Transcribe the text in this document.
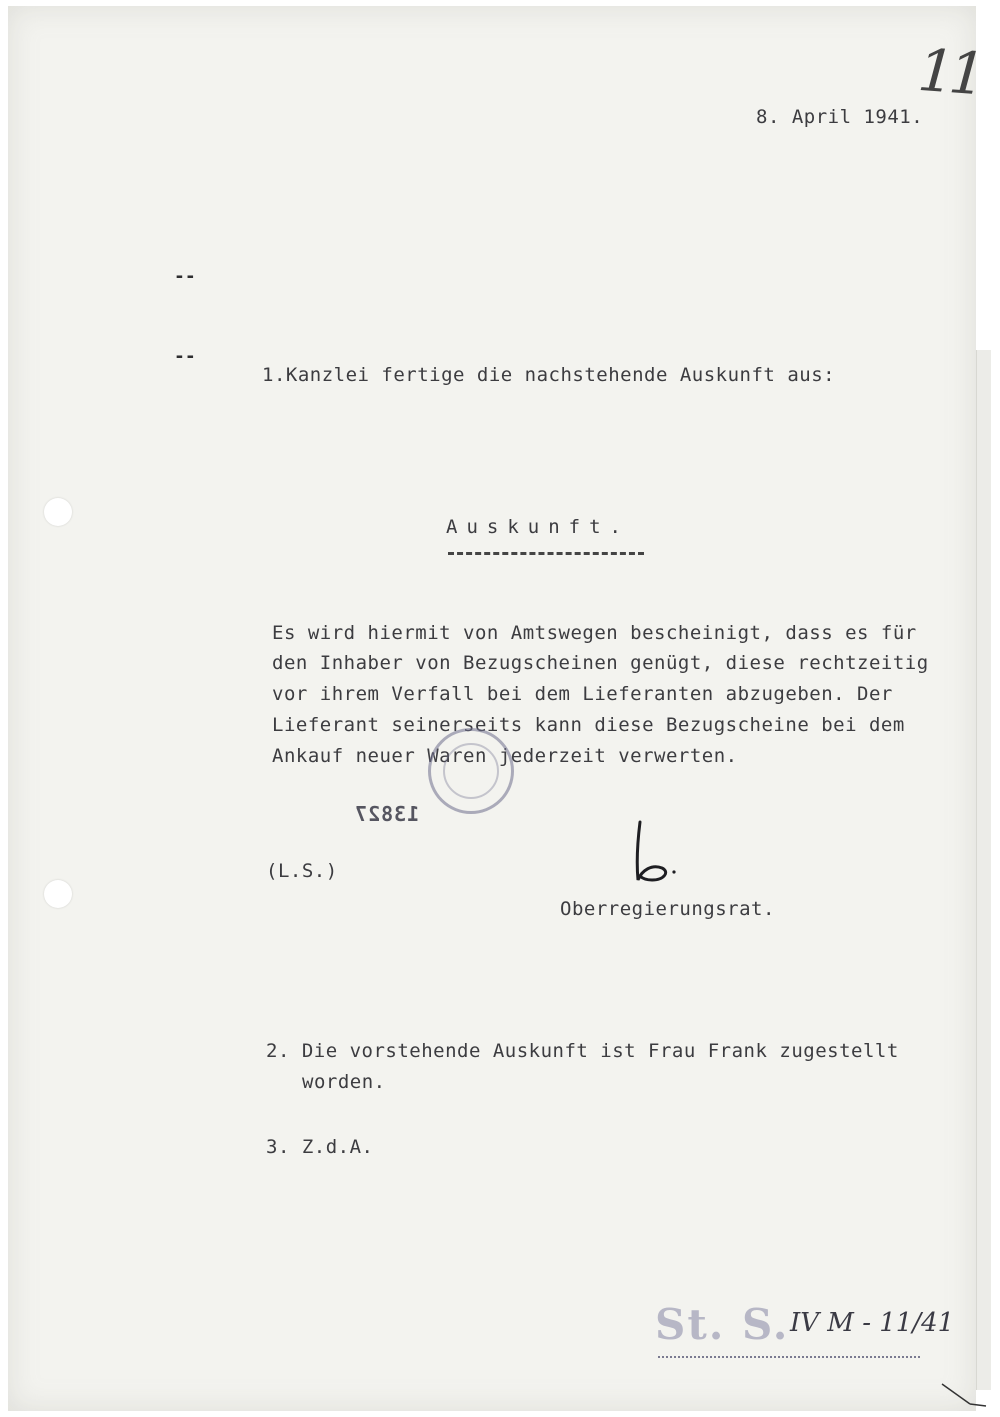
11
8. April 1941.
--
--
1.Kanzlei fertige die nachstehende Auskunft aus:
Auskunft.
Es wird hiermit von Amtswegen bescheinigt, dass es für
den Inhaber von Bezugscheinen genügt, diese rechtzeitig
vor ihrem Verfall bei dem Lieferanten abzugeben. Der
Lieferant seinerseits kann diese Bezugscheine bei dem
Ankauf neuer Waren jederzeit verwerten.
13827
(L.S.)
Oberregierungsrat.
2. Die vorstehende Auskunft ist Frau Frank zugestellt
worden.
3. Z.d.A.
St. S. IV M - 11/41
